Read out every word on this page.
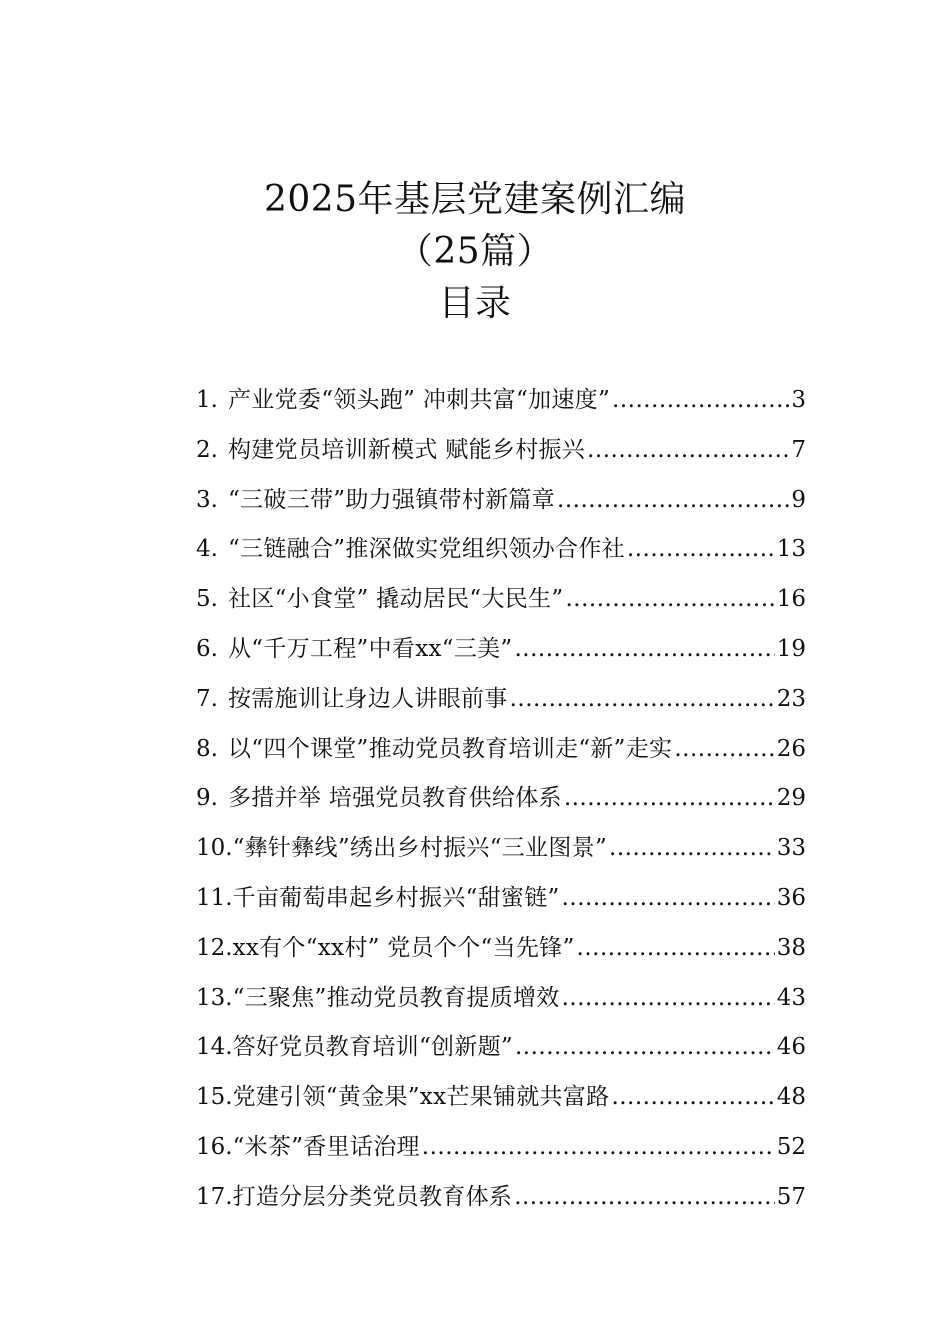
2025年基层党建案例汇编
（25篇）
目录
1. 产业党委“领头跑” 冲刺共富“加速度” .....	3
2. 构建党员培训新模式 赋能乡村振兴 .....	7
3. “三破三带”助力强镇带村新篇章 .....	9
4. “三链融合”推深做实党组织领办合作社 .....	13
5. 社区“小食堂” 撬动居民“大民生” .....	16
6. 从“千万工程”中看xx“三美” .....	19
7. 按需施训让身边人讲眼前事 .....	23
8. 以“四个课堂”推动党员教育培训走“新”走实 .....	26
9. 多措并举 培强党员教育供给体系 .....	29
10. “彝针彝线”绣出乡村振兴“三业图景” .....	33
11. 千亩葡萄串起乡村振兴“甜蜜链” .....	36
12. xx有个“xx村” 党员个个“当先锋” .....	38
13. “三聚焦”推动党员教育提质增效 .....	43
14. 答好党员教育培训“创新题” .....	46
15. 党建引领“黄金果”xx芒果铺就共富路 .....	48
16. “米茶”香里话治理 .....	52
17. 打造分层分类党员教育体系 .....	57
